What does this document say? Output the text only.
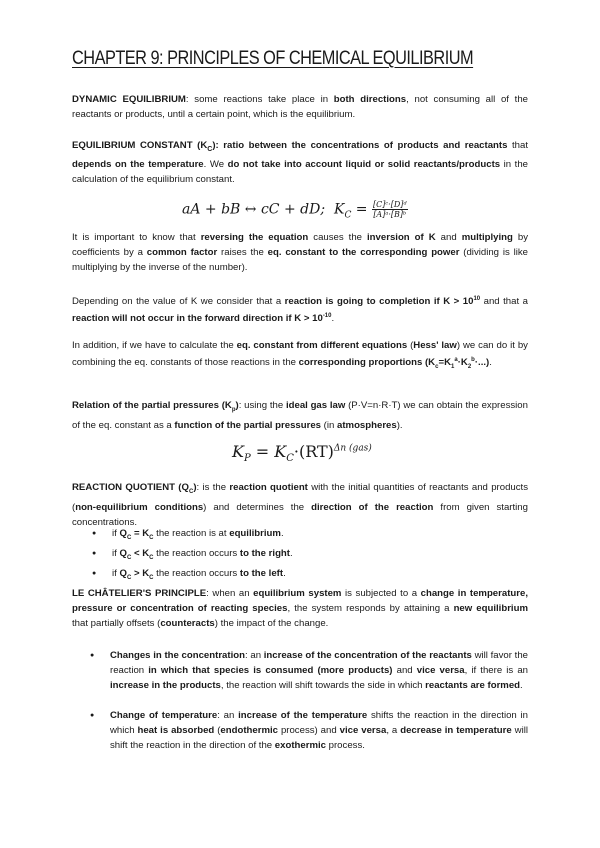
CHAPTER 9: PRINCIPLES OF CHEMICAL EQUILIBRIUM

DYNAMIC EQUILIBRIUM: some reactions take place in both directions, not consuming all of the reactants or products, until a certain point, which is the equilibrium.

EQUILIBRIUM CONSTANT $(K_C)$: ratio between the concentrations of products and reactants that depends on the temperature. We do not take into account liquid or solid reactants/products in the calculation of the equilibrium constant.

aA + bB ↔ cC + dD; $K_C = \frac{\text{[C]ᶜ·[D]ᵈ}}{\text{[A]ᵃ·[B]ᵇ}}$

It is important to know that reversing the equation causes the inversion of K and multiplying by coefficients by a common factor raises the eq. constant to the corresponding power (dividing is like multiplying by the inverse of the number).

Depending on the value of K we consider that a reaction is going to completion if $K > 10^{10}$ and that a reaction will not occur in the forward direction if $K > 10^{-10}$.

In addition, if we have to calculate the eq. constant from different equations (Hess' law) we can do it by combining the eq. constants of those reactions in the corresponding proportions $(K_c=K_1^a\cdot K_2^b\cdot...)$.

Relation of the partial pressures $(K_p)$: using the ideal gas law (P·V=n·R·T) we can obtain the expression of the eq. constant as a function of the partial pressures (in atmospheres).

$K_P = K_C\cdot(RT)^{\Delta n (gas)}$

REACTION QUOTIENT $(Q_C)$: is the reaction quotient with the initial quantities of reactants and products (non-equilibrium conditions) and determines the direction of the reaction from given starting concentrations.

● if $Q_C = K_C$ the reaction is at equilibrium.
● if $Q_C < K_C$ the reaction occurs to the right.
● if $Q_C > K_C$ the reaction occurs to the left.

LE CHÂTELIER'S PRINCIPLE: when an equilibrium system is subjected to a change in temperature, pressure or concentration of reacting species, the system responds by attaining a new equilibrium that partially offsets (counteracts) the impact of the change.

● Changes in the concentration: an increase of the concentration of the reactants will favor the reaction in which that species is consumed (more products) and vice versa, if there is an increase in the products, the reaction will shift towards the side in which reactants are formed.
● Change of temperature: an increase of the temperature shifts the reaction in the direction in which heat is absorbed (endothermic process) and vice versa, a decrease in temperature will shift the reaction in the direction of the exothermic process.
